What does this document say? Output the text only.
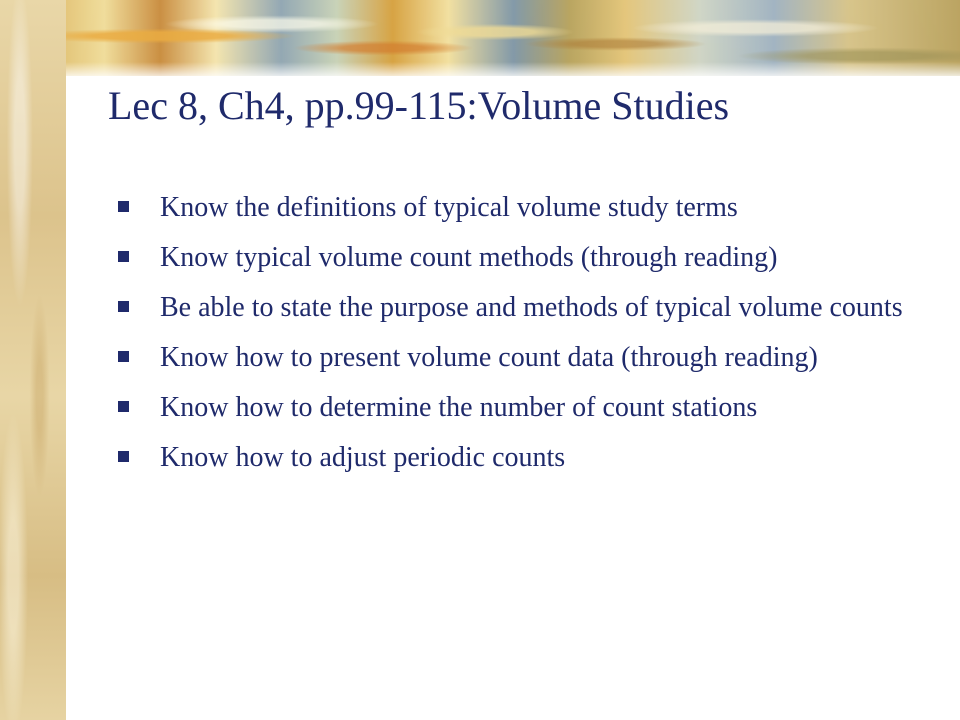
Lec 8, Ch4, pp.99-115:Volume Studies
Know the definitions of typical volume study terms
Know typical volume count methods (through reading)
Be able to state the purpose and methods of typical volume counts
Know how to present volume count data (through reading)
Know how to determine the number of count stations
Know how to adjust periodic counts
